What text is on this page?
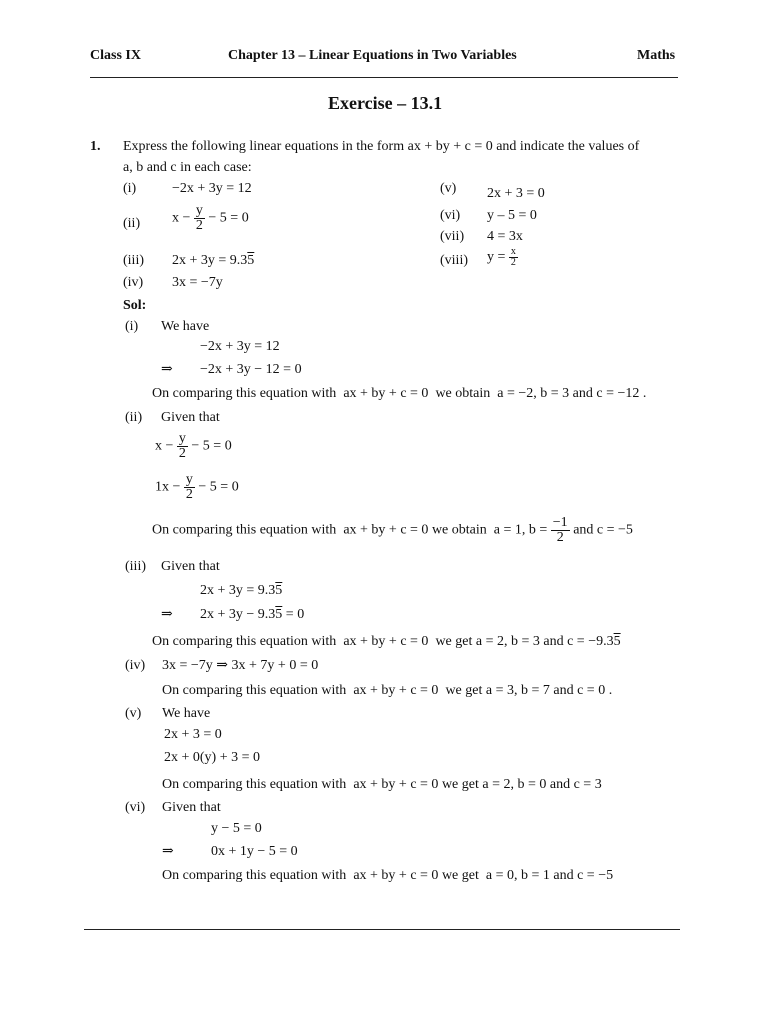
Class IX	Chapter 13 – Linear Equations in Two Variables	Maths
Exercise – 13.1
1. Express the following linear equations in the form ax + by + c = 0 and indicate the values of
a, b and c in each case:
(i)	−2x + 3y = 12
(ii) $x - \frac{y}{2} - 5 = 0$
(iii) 2x + 3y = 9.35
(iv) 3x = −7y
(v) 2x + 3 = 0
(vi) y – 5 = 0
(vii) 4 = 3x
(viii) $y = \frac{x}{2}$
Sol:
(i) We have
−2x + 3y = 12
⇒ −2x + 3y − 12 = 0
On comparing this equation with ax + by + c = 0 we obtain a = −2, b = 3 and c = −12 .
(ii) Given that
$x - \frac{y}{2} - 5 = 0$
$1x - \frac{y}{2} - 5 = 0$
On comparing this equation with ax + by + c = 0 we obtain a = 1, $b = \frac{-1}{2}$ and c = −5
(iii) Given that
2x + 3y = 9.35
⇒ 2x + 3y − 9.35 = 0
On comparing this equation with ax + by + c = 0 we get a = 2, b = 3 and c = −9.35
(iv) 3x = −7y ⇒ 3x + 7y + 0 = 0
On comparing this equation with ax + by + c = 0 we get a = 3, b = 7 and c = 0 .
(v) We have
2x + 3 = 0
2x + 0(y) + 3 = 0
On comparing this equation with ax + by + c = 0 we get a = 2, b = 0 and c = 3
(vi) Given that
y − 5 = 0
⇒	0x + 1y − 5 = 0
On comparing this equation with ax + by + c = 0 we get a = 0, b = 1 and c = −5
